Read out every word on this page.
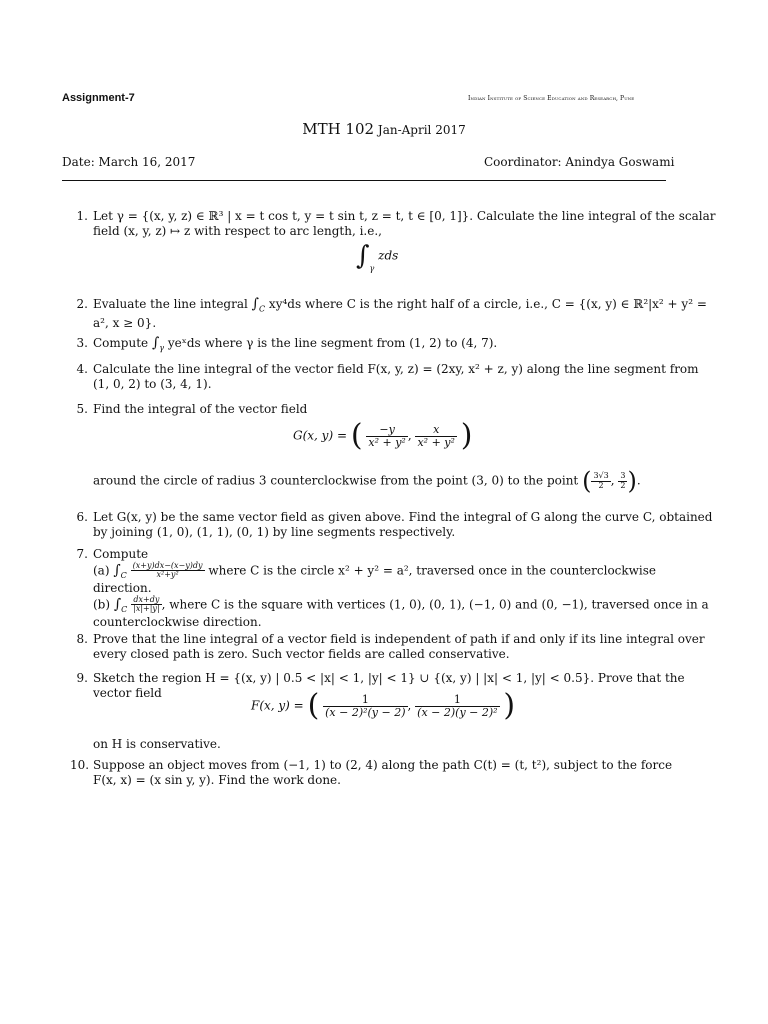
Assignment-7	Indian Institute of Science Education and Research, Pune
MTH 102 Jan-April 2017
Date: March 16, 2017	Coordinator: Anindya Goswami
1. Let γ = {(x, y, z) ∈ ℝ³ | x = t cos t, y = t sin t, z = t, t ∈ [0, 1]}. Calculate the line integral of the scalar
field (x, y, z) ↦ z with respect to arc length, i.e.,
$\int_\gamma$ zds
2. Evaluate the line integral $\int_C$ xy⁴ds where C is the right half of a circle, i.e., C = {(x, y) ∈ ℝ²|x² + y² =
a², x ≥ 0}.
3. Compute $\int_\gamma$ yeˣds where γ is the line segment from (1, 2) to (4, 7).
4. Calculate the line integral of the vector field F(x, y, z) = (2xy, x² + z, y) along the line segment from
(1, 0, 2) to (3, 4, 1).
5. Find the integral of the vector field
G(x, y) = ( $\frac{-y}{\text{x² + y²}}$ , $\frac{x}{\text{x² + y²}}$ )
around the circle of radius 3 counterclockwise from the point (3, 0) to the point ( $\frac{3√3}{2}$ , $\frac{3}{2}$ ).
6. Let G(x, y) be the same vector field as given above. Find the integral of G along the curve C, obtained
by joining (1, 0), (1, 1), (0, 1) by line segments respectively.
7. Compute
(a) $\int_C \frac{(x+y)dx-(x-y)dy}{\text{x²+y²}}$ where C is the circle x² + y² = a², traversed once in the counterclockwise
direction.
(b) $\int_C \frac{dx+dy}{|x|+|y|}$ , where C is the square with vertices (1, 0), (0, 1), (−1, 0) and (0, −1), traversed once in a
counterclockwise direction.
8. Prove that the line integral of a vector field is independent of path if and only if its line integral over
every closed path is zero. Such vector fields are called conservative.
9. Sketch the region H = {(x, y) | 0.5 < |x| < 1, |y| < 1} ∪ {(x, y) | |x| < 1, |y| < 0.5}. Prove that the
vector field
F(x, y) = ( $\frac{1}{\text{(x − 2)²(y − 2)}}$ , $\frac{1}{\text{(x − 2)(y − 2)²}}$ )
on H is conservative.
10. Suppose an object moves from (−1, 1) to (2, 4) along the path C(t) = (t, t²), subject to the force
F(x, x) = (x sin y, y). Find the work done.
